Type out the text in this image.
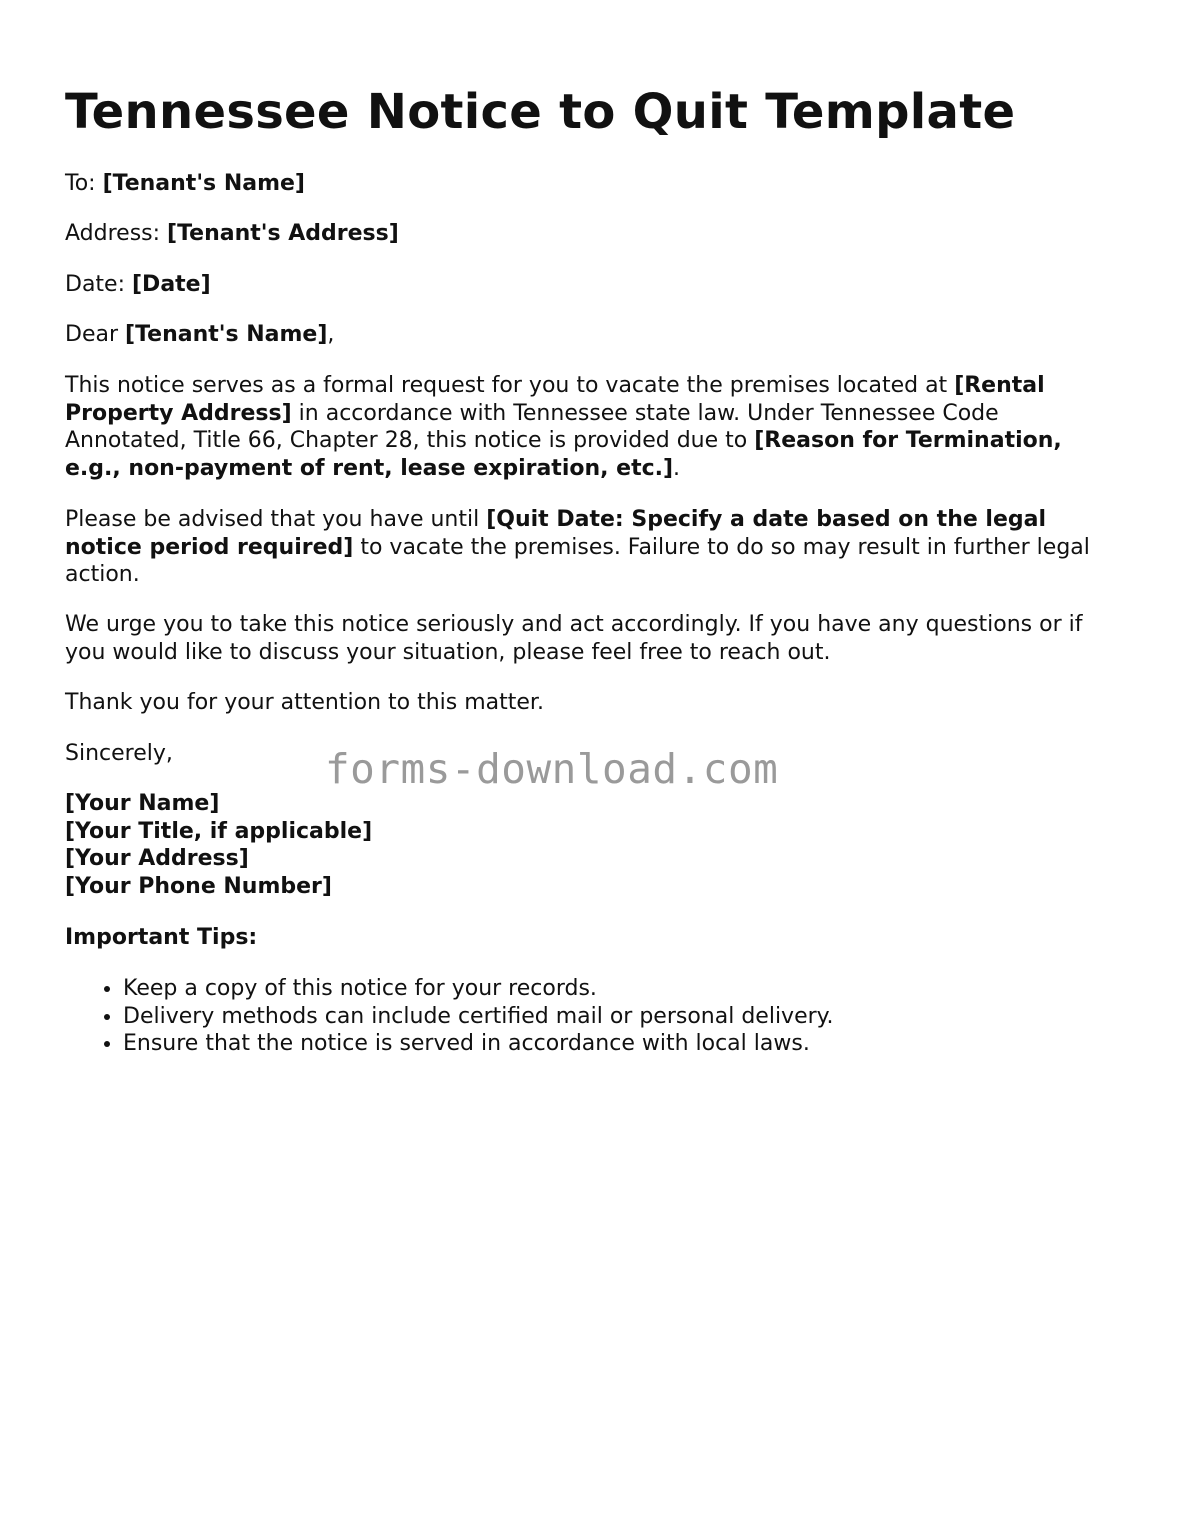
Tennessee Notice to Quit Template

To: [Tenant's Name]

Address: [Tenant's Address]

Date: [Date]

Dear [Tenant's Name],

This notice serves as a formal request for you to vacate the premises located at [Rental Property Address] in accordance with Tennessee state law. Under Tennessee Code Annotated, Title 66, Chapter 28, this notice is provided due to [Reason for Termination, e.g., non-payment of rent, lease expiration, etc.].

Please be advised that you have until [Quit Date: Specify a date based on the legal notice period required] to vacate the premises. Failure to do so may result in further legal action.

We urge you to take this notice seriously and act accordingly. If you have any questions or if you would like to discuss your situation, please feel free to reach out.

Thank you for your attention to this matter.

Sincerely,

[Your Name]
[Your Title, if applicable]
[Your Address]
[Your Phone Number]

Important Tips:

• Keep a copy of this notice for your records.
• Delivery methods can include certified mail or personal delivery.
• Ensure that the notice is served in accordance with local laws.
forms-download.com
